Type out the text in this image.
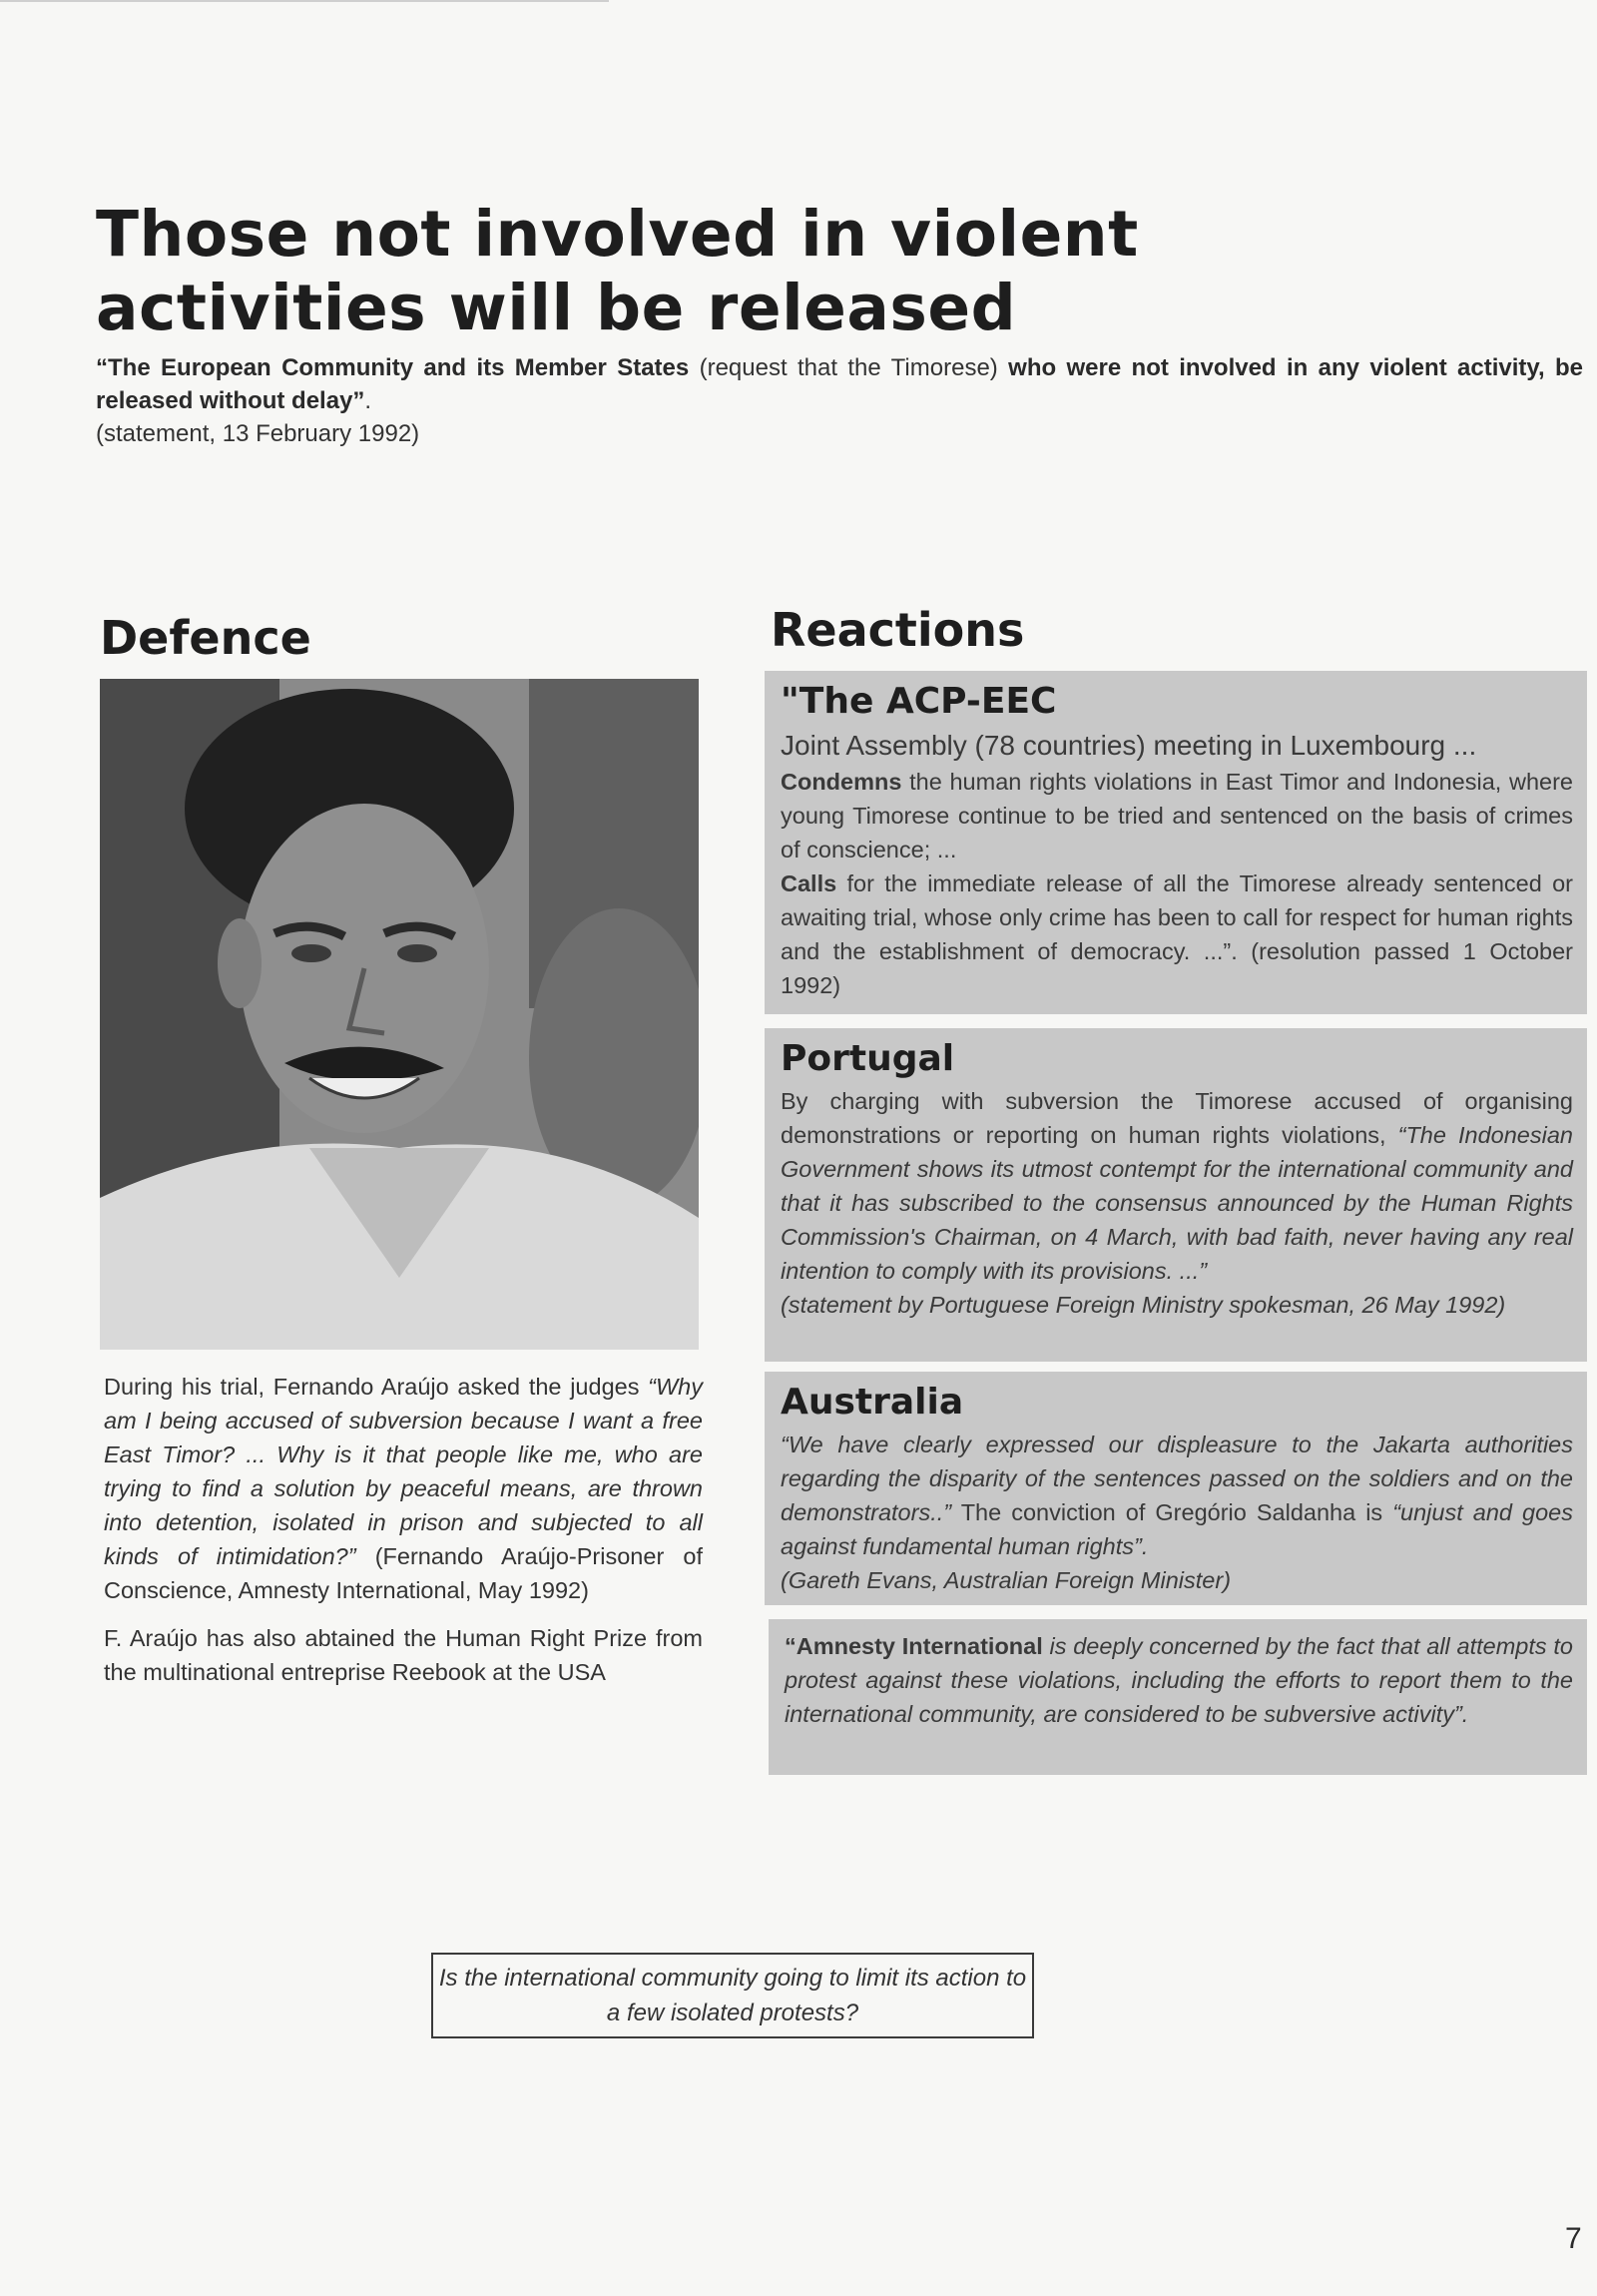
Those not involved in violent activities will be released
“The European Community and its Member States (request that the Timorese) who were not involved in any violent activity, be released without delay”.
(statement, 13 February 1992)
Defence	Reactions

During his trial, Fernando Araújo asked the judges “Why am I being accused of subversion because I want a free East Timor? ... Why is it that people like me, who are trying to find a solution by peaceful means, are thrown into detention, isolated in prison and subjected to all kinds of intimidation?” (Fernando Araújo-Prisoner of Conscience, Amnesty International, May 1992)

F. Araújo has also abtained the Human Right Prize from the multinational entreprise Reebook at the USA

"The ACP-EEC
Joint Assembly (78 countries) meeting in Luxembourg ...
Condemns the human rights violations in East Timor and Indonesia, where young Timorese continue to be tried and sentenced on the basis of crimes of conscience; ...
Calls for the immediate release of all the Timorese already sentenced or awaiting trial, whose only crime has been to call for respect for human rights and the establishment of democracy. ...”. (resolution passed 1 October 1992)
Portugal
By charging with subversion the Timorese accused of organising demonstrations or reporting on human rights violations, “The Indonesian Government shows its utmost contempt for the international community and that it has subscribed to the consensus announced by the Human Rights Commission's Chairman, on 4 March, with bad faith, never having any real intention to comply with its provisions. ...”
(statement by Portuguese Foreign Ministry spokesman, 26 May 1992)
Australia
“We have clearly expressed our displeasure to the Jakarta authorities regarding the disparity of the sentences passed on the soldiers and on the demonstrators..” The conviction of Gregório Saldanha is “unjust and goes against fundamental human rights”.
(Gareth Evans, Australian Foreign Minister)
“Amnesty International is deeply concerned by the fact that all attempts to protest against these violations, including the efforts to report them to the international community, are considered to be subversive activity”.
Is the international community going to limit its action to a few isolated protests?
7
